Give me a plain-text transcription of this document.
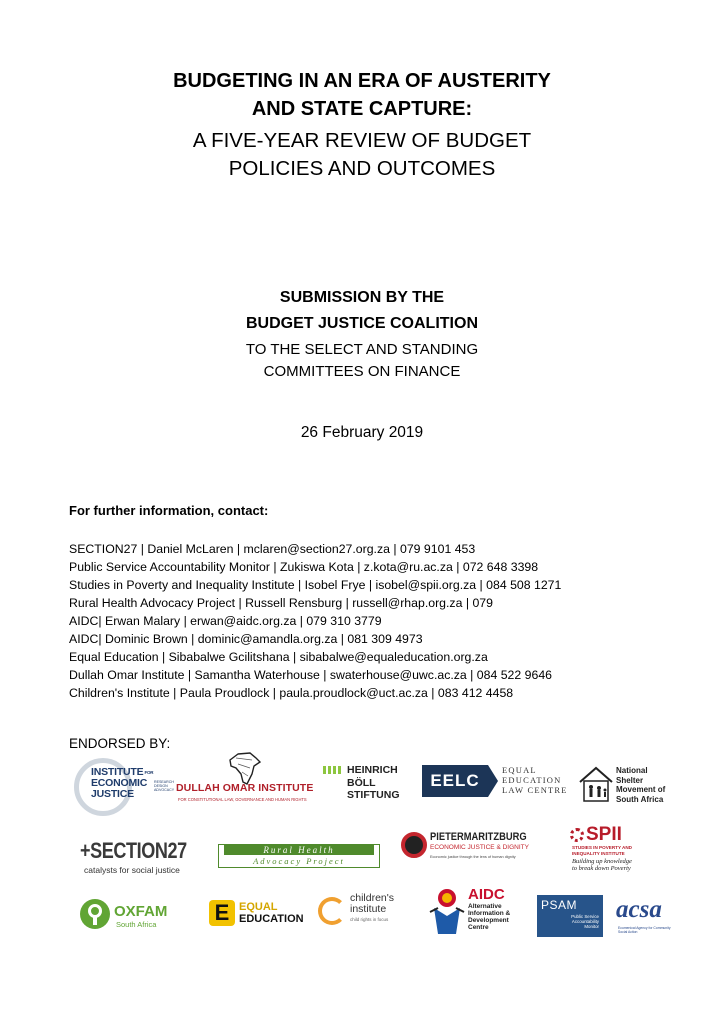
BUDGETING IN AN ERA OF AUSTERITY
AND STATE CAPTURE:
A FIVE-YEAR REVIEW OF BUDGET
POLICIES AND OUTCOMES
SUBMISSION BY THE
BUDGET JUSTICE COALITION
TO THE SELECT AND STANDING
COMMITTEES ON FINANCE
26 February 2019
For further information, contact:
SECTION27 | Daniel McLaren | mclaren@section27.org.za | 079 9101 453
Public Service Accountability Monitor | Zukiswa Kota | z.kota@ru.ac.za | 072 648 3398
Studies in Poverty and Inequality Institute | Isobel Frye | isobel@spii.org.za | 084 508 1271
Rural Health Advocacy Project | Russell Rensburg | russell@rhap.org.za | 079
AIDC| Erwan Malary | erwan@aidc.org.za | 079 310 3779
AIDC| Dominic Brown | dominic@amandla.org.za | 081 309 4973
Equal Education | Sibabalwe Gcilitshana | sibabalwe@equaleducation.org.za
Dullah Omar Institute | Samantha Waterhouse | swaterhouse@uwc.ac.za | 084 522 9646
Children's Institute | Paula Proudlock | paula.proudlock@uct.ac.za | 083 412 4458
ENDORSED BY:
$INSTITUTE^{FOR}$
ECONOMIC
JUSTICE
RESEARCH DESIGN ADVOCACY DULLAH OMAR INSTITUTE
FOR CONSTITUTIONAL LAW, GOVERNANCE AND HUMAN RIGHTS
HEINRICH
BÖLL
STIFTUNG
EELC
EQUAL
EDUCATION
LAW CENTRE
National
Shelter
Movement of
South Africa
+SECTION27
catalysts for social justice
Rural Health
Advocacy Project
PIETERMARITZBURG
ECONOMIC JUSTICE & DIGNITY
Economic justice through the lens of human dignity
SPII
STUDIES IN POVERTY AND
INEQUALITY INSTITUTE
Building up knowledge to break down Poverty
OXFAM
South Africa	E EQUAL
EDUCATION
children's
institute
child rights in focus
AIDC
Alternative
Information &
Development
Centre
PSAM
Public Service
Accountability
Monitor
acsa
Ecumenical Agency for Community Social Action
